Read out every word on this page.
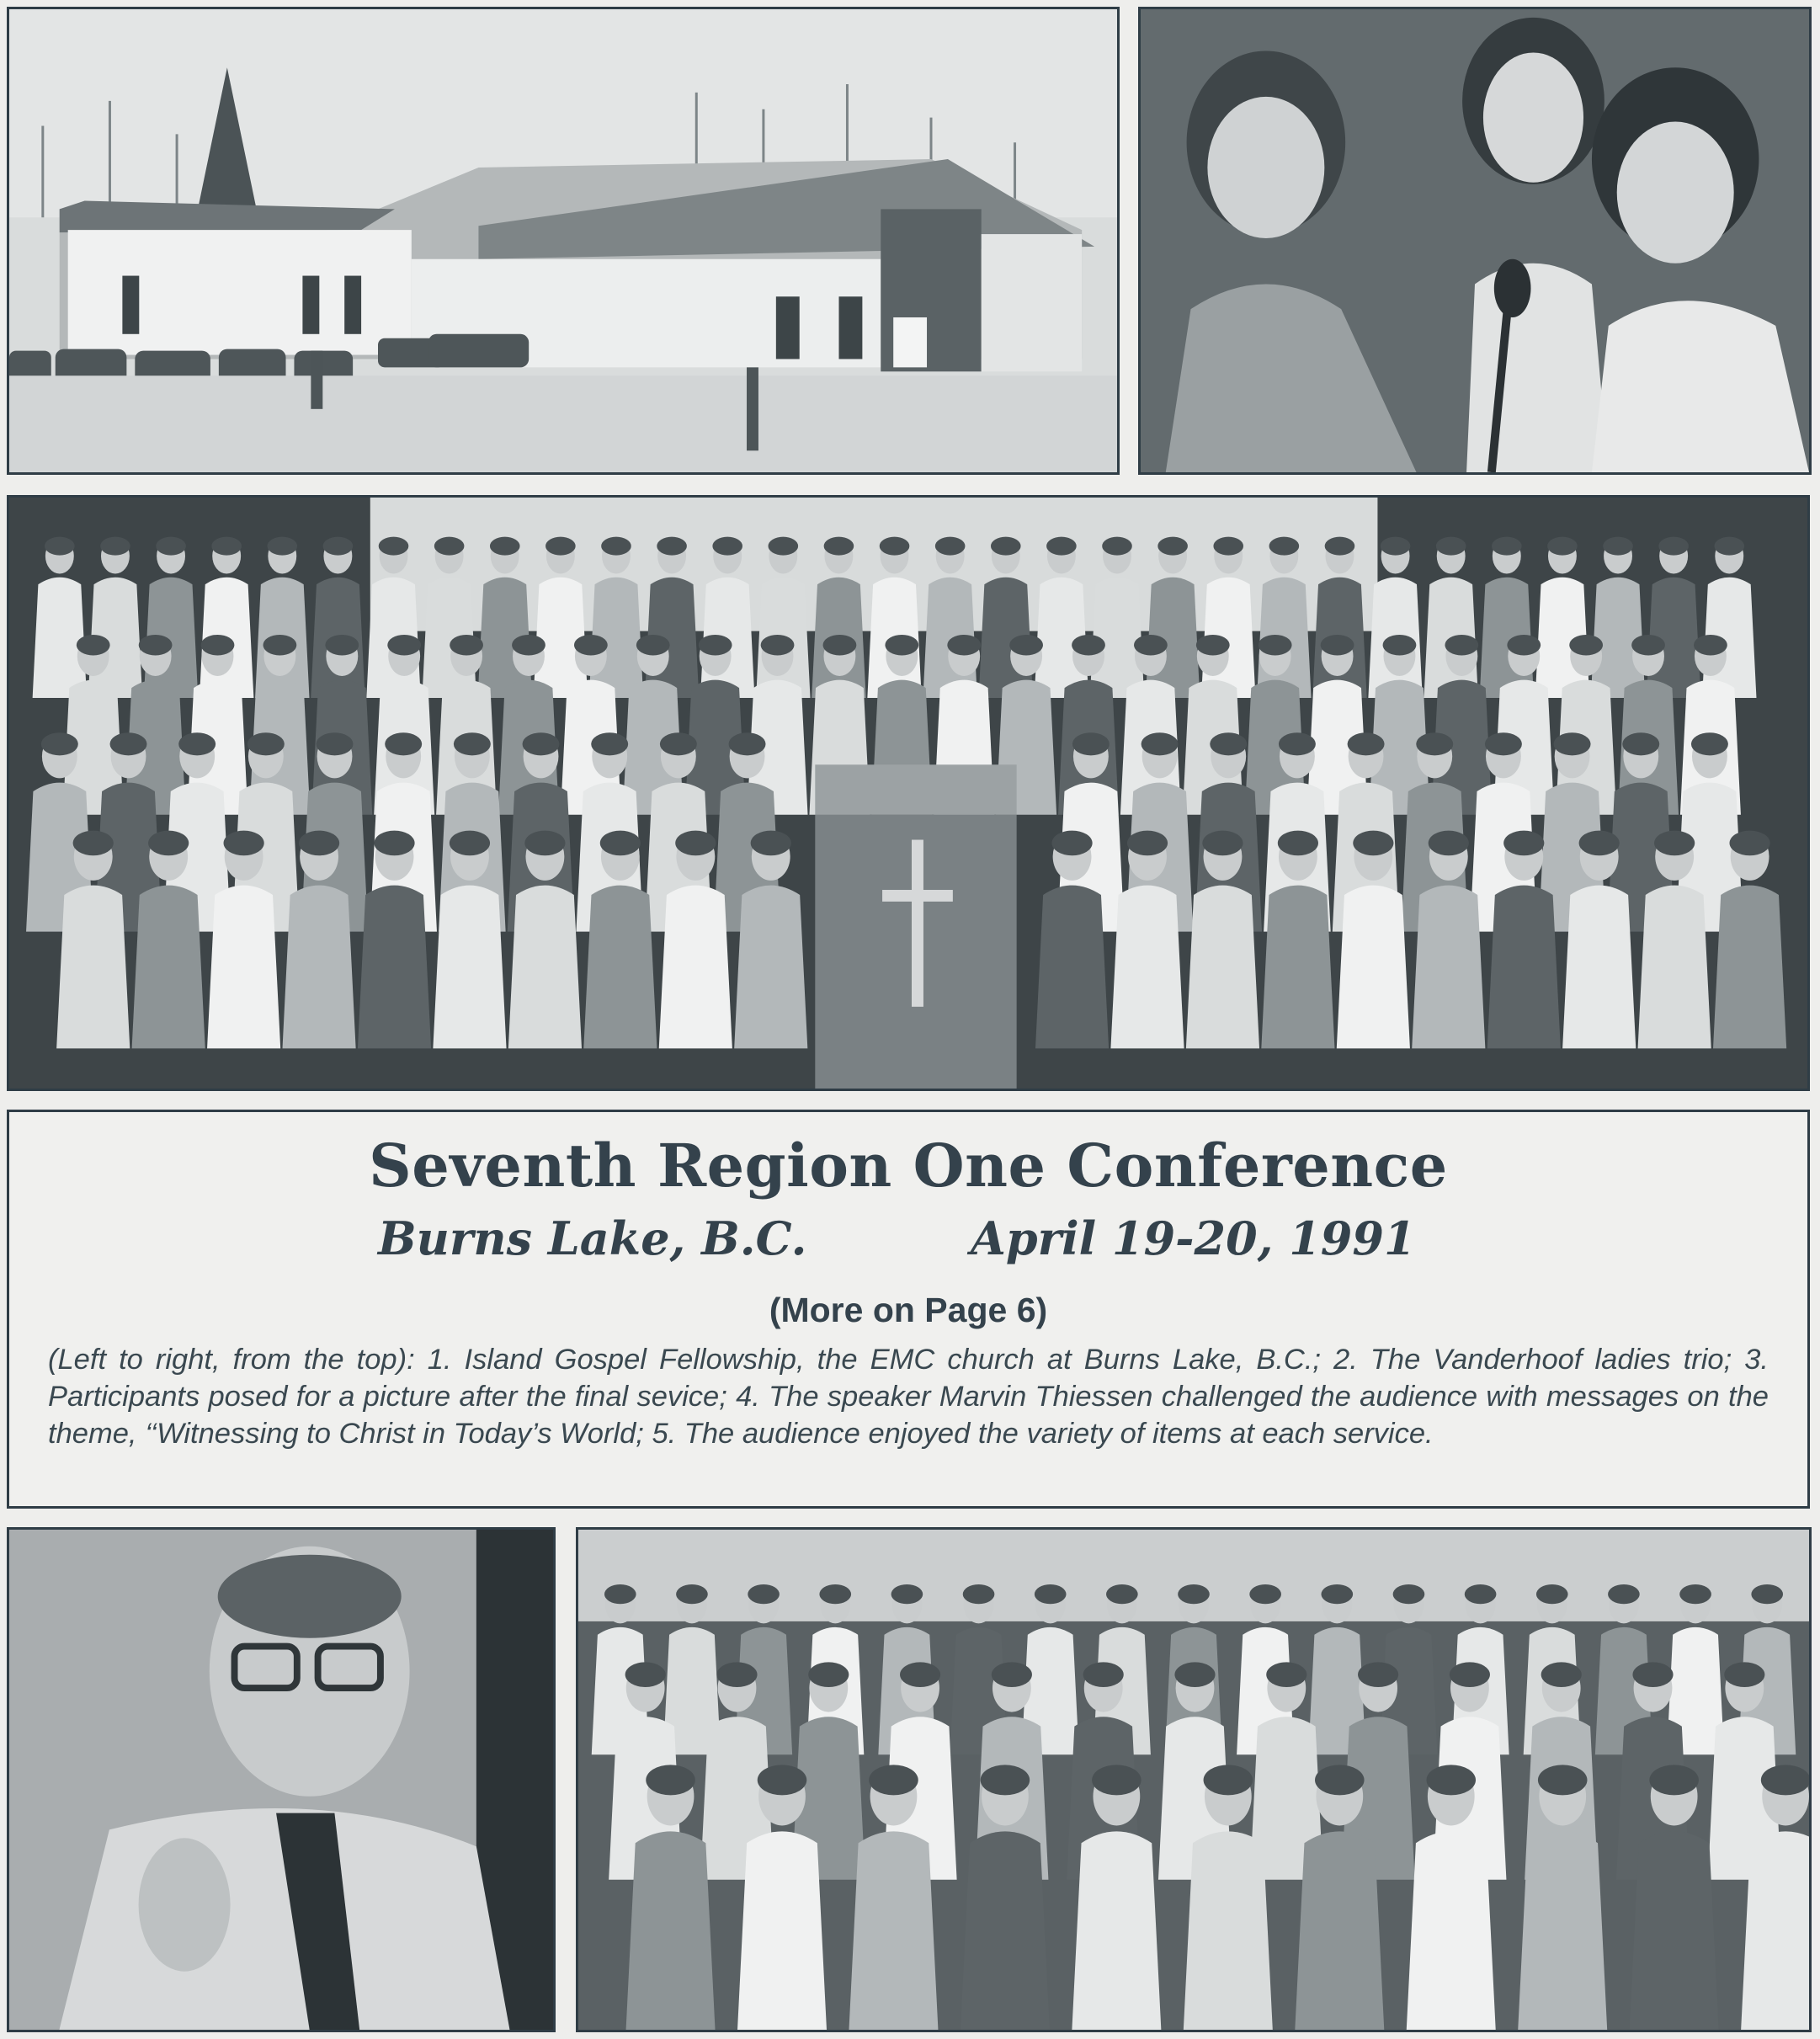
Seventh Region One Conference
Burns Lake, B.C.	April 19-20, 1991
(More on Page 6)
(Left to right, from the top): 1. Island Gospel Fellowship, the EMC church at Burns Lake, B.C.; 2. The Vanderhoof ladies trio; 3. Participants posed for a picture after the final sevice; 4. The speaker Marvin Thiessen challenged the audience with messages on the theme, ‘‘Witnessing to Christ in Today’s World; 5. The audience enjoyed the variety of items at each service.
